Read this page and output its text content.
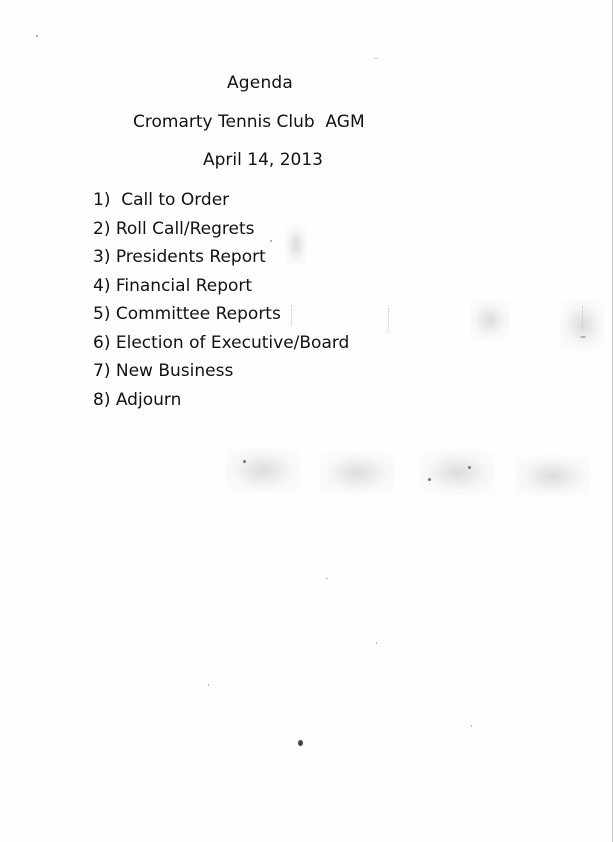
Agenda
Cromarty Tennis Club  AGM
April 14, 2013
1)  Call to Order
2) Roll Call/Regrets
3) Presidents Report
4) Financial Report
5) Committee Reports
6) Election of Executive/Board
7) New Business
8) Adjourn
